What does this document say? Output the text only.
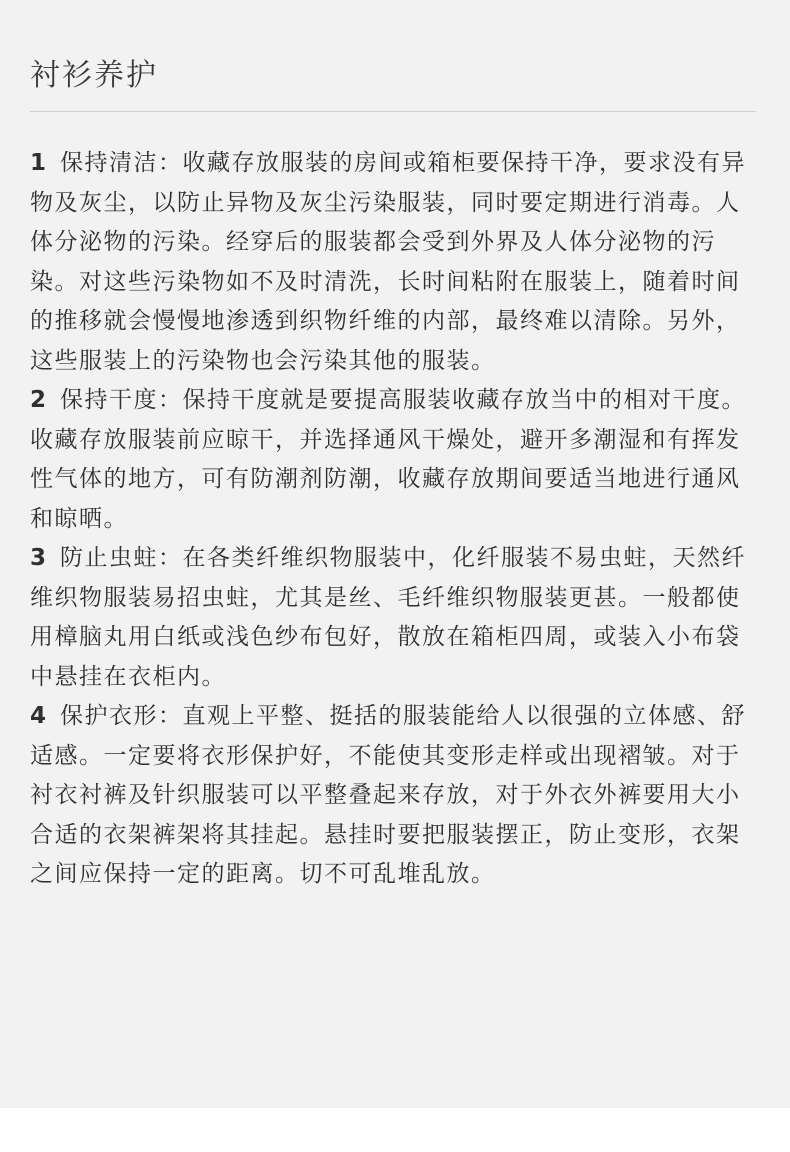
衬衫养护

1 保持清洁：收藏存放服装的房间或箱柜要保持干净，要求没有异物及灰尘，以防止异物及灰尘污染服装，同时要定期进行消毒。人体分泌物的污染。经穿后的服装都会受到外界及人体分泌物的污染。对这些污染物如不及时清洗，长时间粘附在服装上，随着时间的推移就会慢慢地渗透到织物纤维的内部，最终难以清除。另外，这些服装上的污染物也会污染其他的服装。

2 保持干度：保持干度就是要提高服装收藏存放当中的相对干度。收藏存放服装前应晾干，并选择通风干燥处，避开多潮湿和有挥发性气体的地方，可有防潮剂防潮，收藏存放期间要适当地进行通风和晾晒。

3 防止虫蛀：在各类纤维织物服装中，化纤服装不易虫蛀，天然纤维织物服装易招虫蛀，尤其是丝、毛纤维织物服装更甚。一般都使用樟脑丸用白纸或浅色纱布包好，散放在箱柜四周，或装入小布袋中悬挂在衣柜内。

4 保护衣形：直观上平整、挺括的服装能给人以很强的立体感、舒适感。一定要将衣形保护好，不能使其变形走样或出现褶皱。对于衬衣衬裤及针织服装可以平整叠起来存放，对于外衣外裤要用大小合适的衣架裤架将其挂起。悬挂时要把服装摆正，防止变形，衣架之间应保持一定的距离。切不可乱堆乱放。
